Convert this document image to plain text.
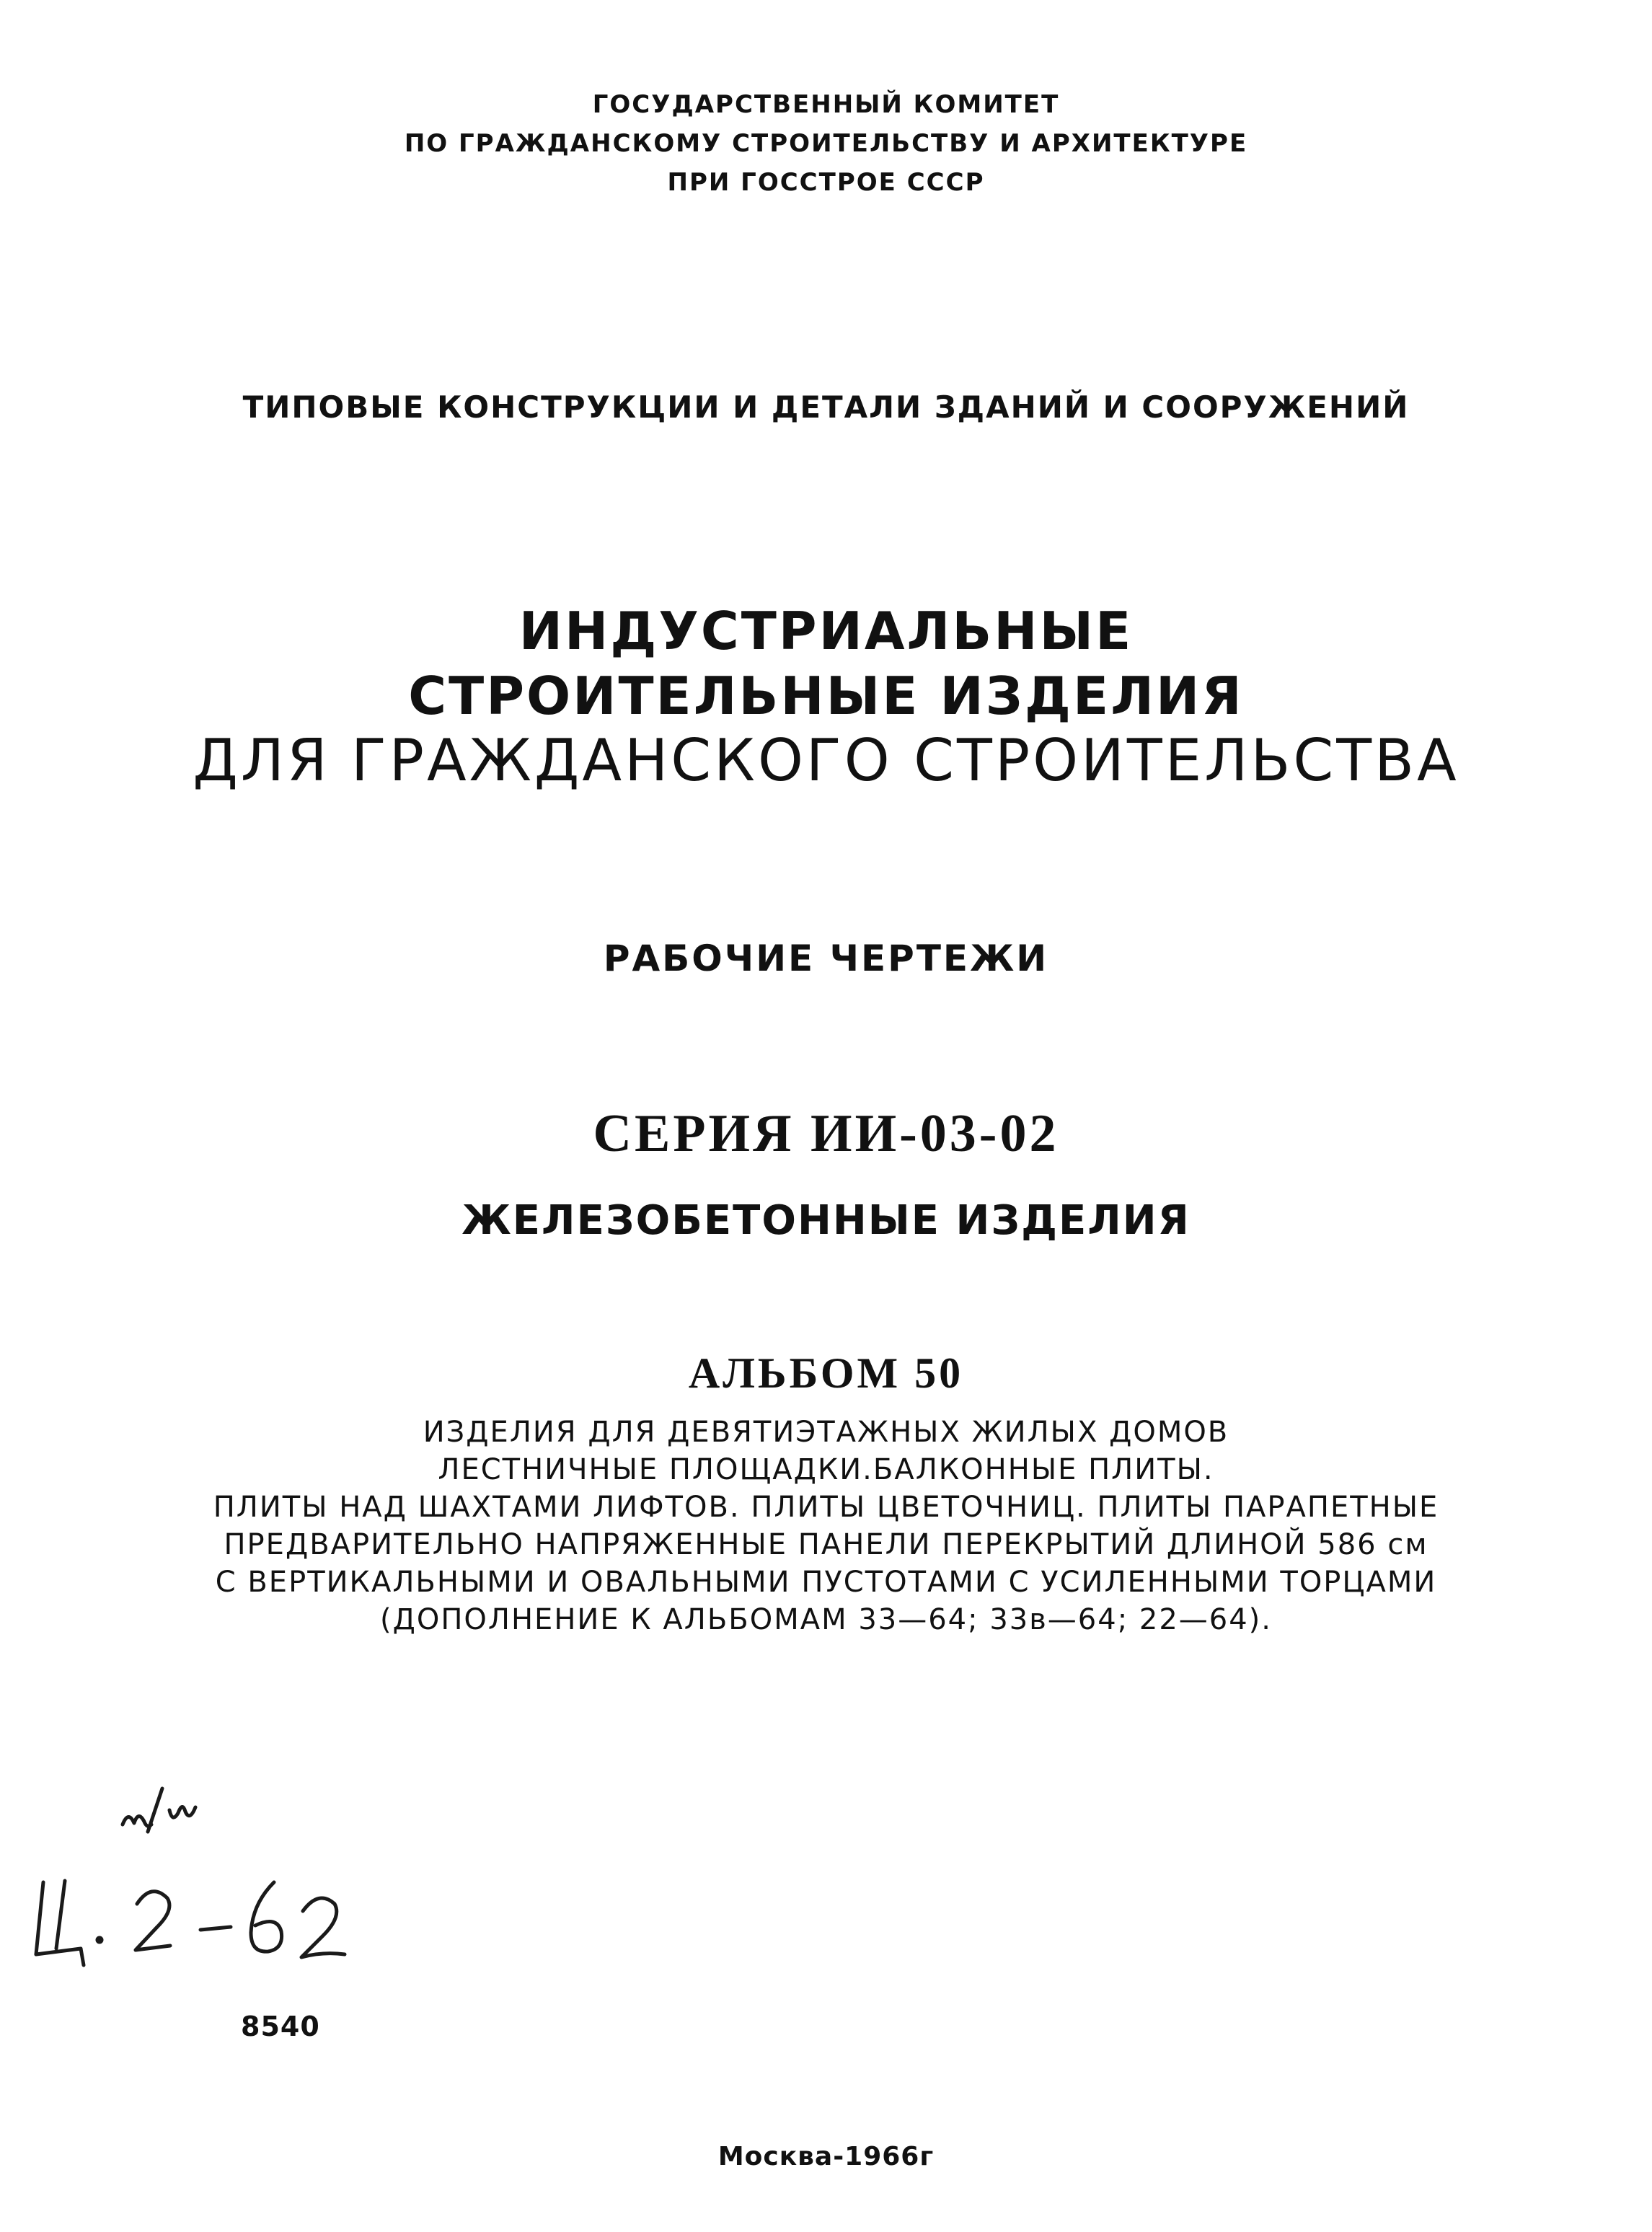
ГОСУДАРСТВЕННЫЙ КОМИТЕТ
ПО ГРАЖДАНСКОМУ СТРОИТЕЛЬСТВУ И АРХИТЕКТУРЕ
ПРИ ГОССТРОЕ СССР
ТИПОВЫЕ КОНСТРУКЦИИ И ДЕТАЛИ ЗДАНИЙ И СООРУЖЕНИЙ
ИНДУСТРИАЛЬНЫЕ
СТРОИТЕЛЬНЫЕ ИЗДЕЛИЯ
ДЛЯ ГРАЖДАНСКОГО СТРОИТЕЛЬСТВА
РАБОЧИЕ ЧЕРТЕЖИ
СЕРИЯ ИИ-03-02
ЖЕЛЕЗОБЕТОННЫЕ ИЗДЕЛИЯ
АЛЬБОМ 50
ИЗДЕЛИЯ ДЛЯ ДЕВЯТИЭТАЖНЫХ ЖИЛЫХ ДОМОВ
ЛЕСТНИЧНЫЕ ПЛОЩАДКИ.БАЛКОННЫЕ ПЛИТЫ.
ПЛИТЫ НАД ШАХТАМИ ЛИФТОВ. ПЛИТЫ ЦВЕТОЧНИЦ. ПЛИТЫ ПАРАПЕТНЫЕ
ПРЕДВАРИТЕЛЬНО НАПРЯЖЕННЫЕ ПАНЕЛИ ПЕРЕКРЫТИЙ ДЛИНОЙ 586 см
С ВЕРТИКАЛЬНЫМИ И ОВАЛЬНЫМИ ПУСТОТАМИ С УСИЛЕННЫМИ ТОРЦАМИ
(ДОПОЛНЕНИЕ К АЛЬБОМАМ 33—64; 33в—64; 22—64).
8540
Москва-1966г
